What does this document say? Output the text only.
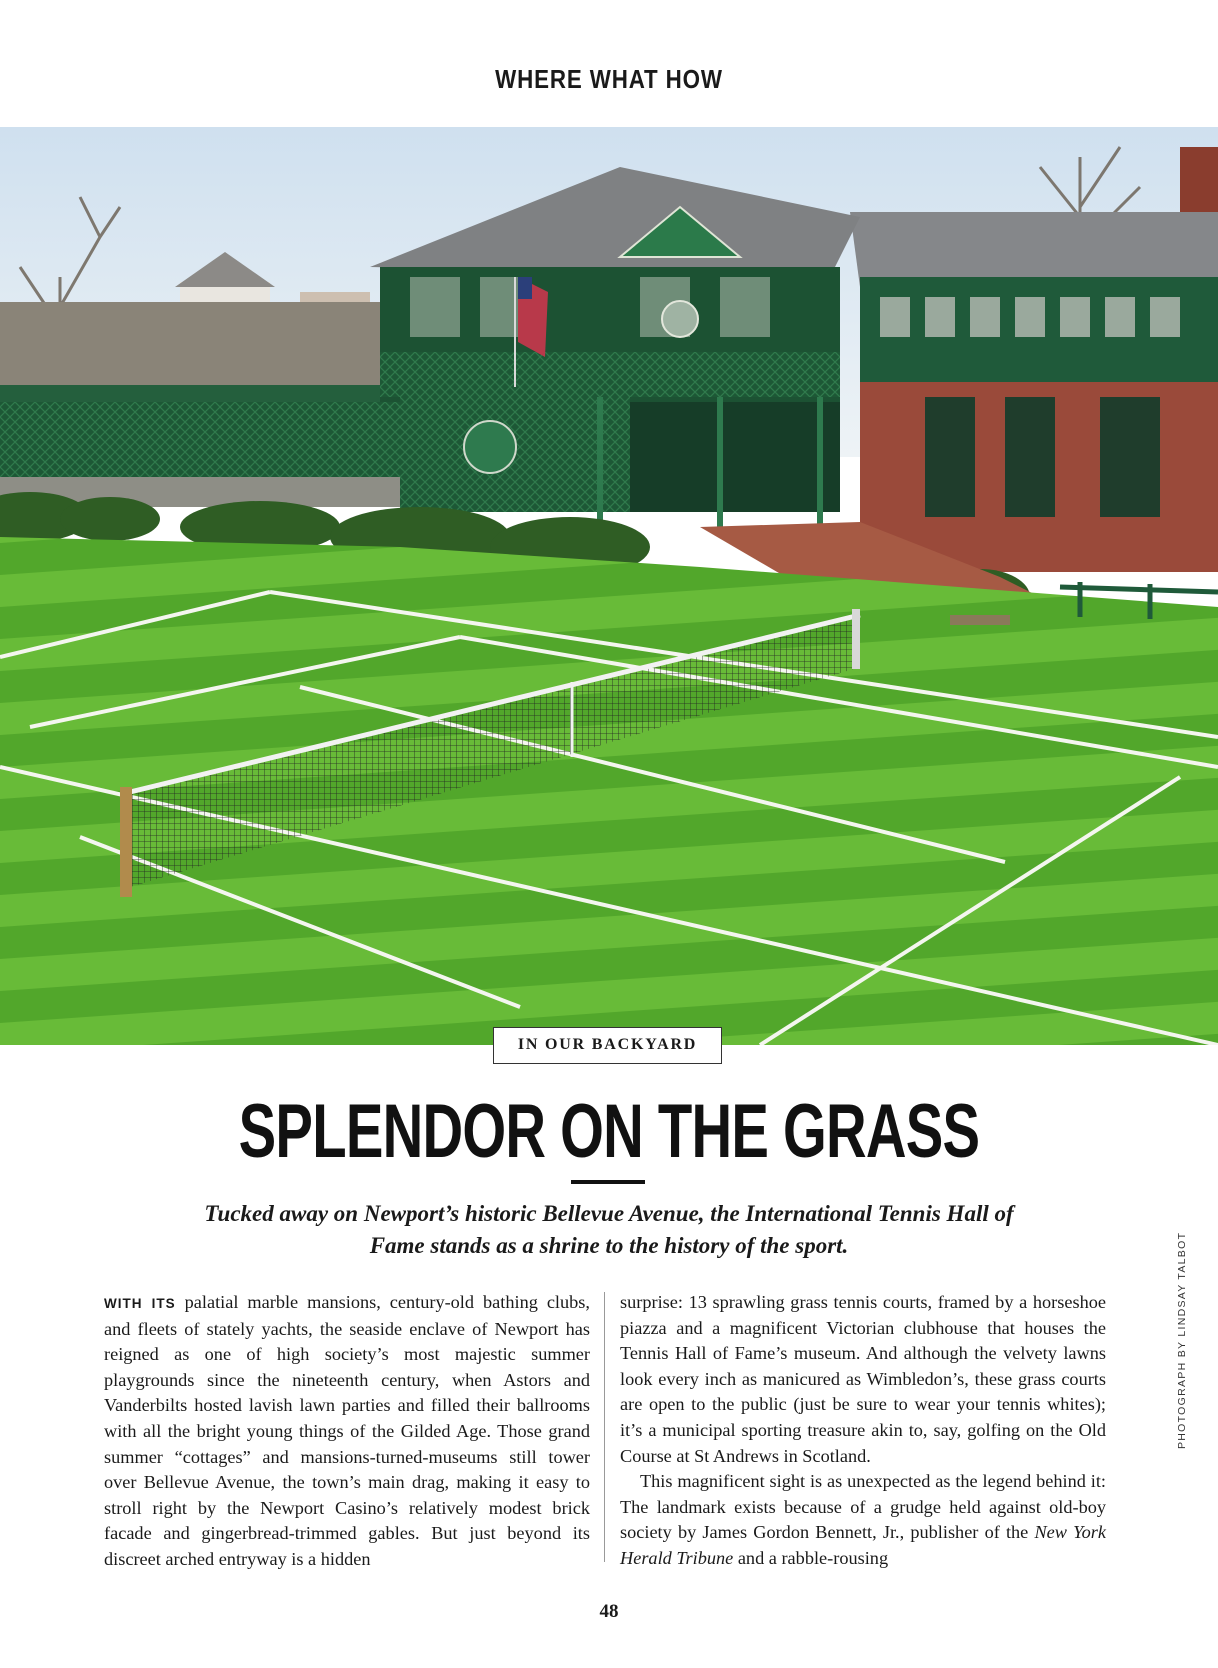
WHERE WHAT HOW
IN OUR BACKYARD
SPLENDOR ON THE GRASS
Tucked away on Newport’s historic Bellevue Avenue, the International Tennis Hall of Fame stands as a shrine to the history of the sport.

WITH ITS palatial marble mansions, century-old bathing clubs, and fleets of stately yachts, the seaside enclave of Newport has reigned as one of high society’s most majestic summer playgrounds since the nineteenth century, when Astors and Vanderbilts hosted lavish lawn parties and filled their ballrooms with all the bright young things of the Gilded Age. Those grand summer “cottages” and mansions-turned-museums still tower over Bellevue Avenue, the town’s main drag, making it easy to stroll right by the Newport Casino’s relatively modest brick facade and gingerbread-trimmed gables. But just beyond its discreet arched entryway is a hidden

surprise: 13 sprawling grass tennis courts, framed by a horseshoe piazza and a magnificent Victorian clubhouse that houses the Tennis Hall of Fame’s museum. And although the velvety lawns look every inch as manicured as Wimbledon’s, these grass courts are open to the public (just be sure to wear your tennis whites); it’s a municipal sporting treasure akin to, say, golfing on the Old Course at St Andrews in Scotland.

This magnificent sight is as unexpected as the legend behind it: The landmark exists because of a grudge held against old-boy society by James Gordon Bennett, Jr., publisher of the New York Herald Tribune and a rabble-rousing

PHOTOGRAPH BY LINDSAY TALBOT
48
